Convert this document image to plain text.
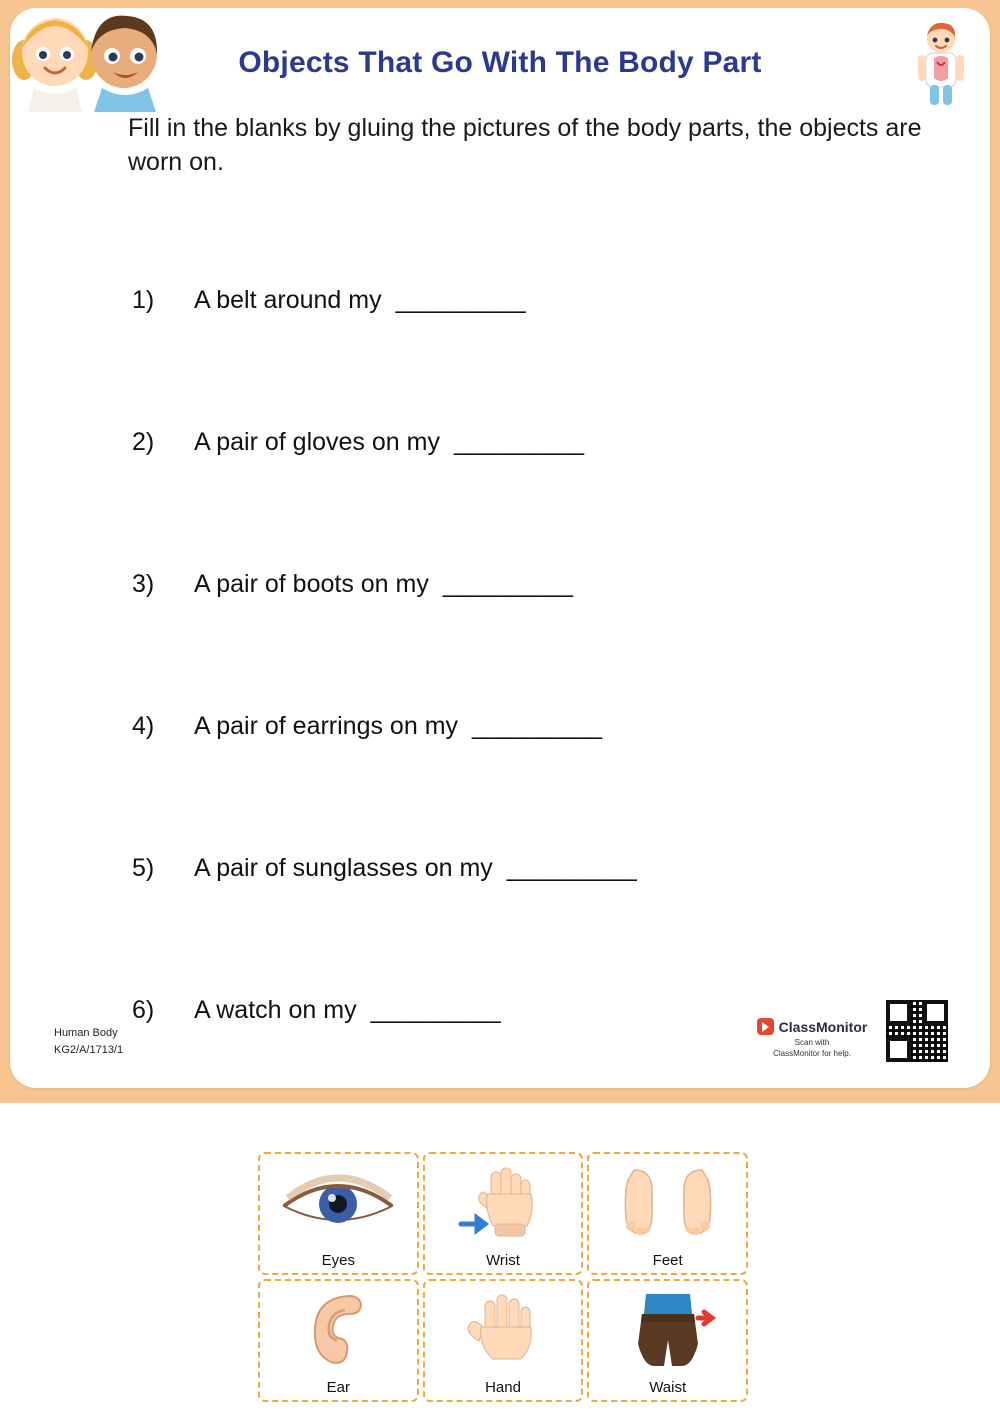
Objects That Go With The Body Part
Fill in the blanks by gluing the pictures of the body parts, the objects are worn on.
1)	A belt around my __________
2)	A pair of gloves on my __________
3)	A pair of boots on my __________
4)	A pair of earrings on my __________
5)	A pair of sunglasses on my __________
6)	A watch on my __________
Human Body
KG2/A/1713/1
ClassMonitor
Scan with
ClassMonitor for help.
Eyes	Wrist	Feet
Ear	Hand	Waist
